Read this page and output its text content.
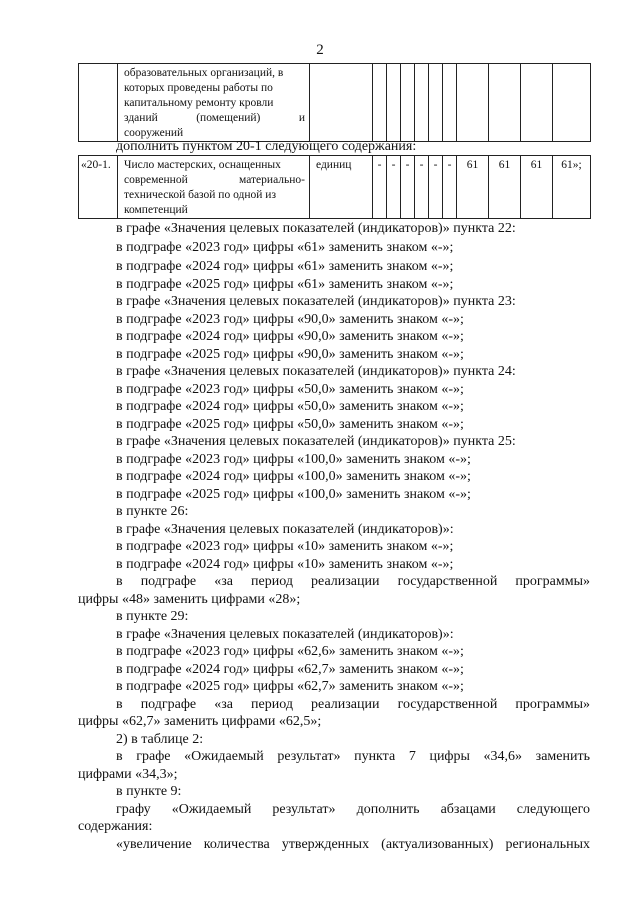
2

образовательных организаций, в
которых проведены работы по
капитальному ремонту кровли
зданий (помещений) и
сооружений

дополнить пунктом 20-1 следующего содержания:
«20-1.	Число мастерских, оснащенных
современной материально-
технической базой по одной из
компетенций
	единиц	-	-	-	-	-	-	61	61	61	61»;
в графе «Значения целевых показателей (индикаторов)» пункта 22:
в подграфе «2023 год» цифры «61» заменить знаком «-»;
в подграфе «2024 год» цифры «61» заменить знаком «-»;
в подграфе «2025 год» цифры «61» заменить знаком «-»;
в графе «Значения целевых показателей (индикаторов)» пункта 23:
в подграфе «2023 год» цифры «90,0» заменить знаком «-»;
в подграфе «2024 год» цифры «90,0» заменить знаком «-»;
в подграфе «2025 год» цифры «90,0» заменить знаком «-»;
в графе «Значения целевых показателей (индикаторов)» пункта 24:
в подграфе «2023 год» цифры «50,0» заменить знаком «-»;
в подграфе «2024 год» цифры «50,0» заменить знаком «-»;
в подграфе «2025 год» цифры «50,0» заменить знаком «-»;
в графе «Значения целевых показателей (индикаторов)» пункта 25:
в подграфе «2023 год» цифры «100,0» заменить знаком «-»;
в подграфе «2024 год» цифры «100,0» заменить знаком «-»;
в подграфе «2025 год» цифры «100,0» заменить знаком «-»;
в пункте 26:
в графе «Значения целевых показателей (индикаторов)»:
в подграфе «2023 год» цифры «10» заменить знаком «-»;
в подграфе «2024 год» цифры «10» заменить знаком «-»;
в подграфе «за период реализации государственной программы»
цифры «48» заменить цифрами «28»;
в пункте 29:
в графе «Значения целевых показателей (индикаторов)»:
в подграфе «2023 год» цифры «62,6» заменить знаком «-»;
в подграфе «2024 год» цифры «62,7» заменить знаком «-»;
в подграфе «2025 год» цифры «62,7» заменить знаком «-»;
в подграфе «за период реализации государственной программы»
цифры «62,7» заменить цифрами «62,5»;
2) в таблице 2:
в графе «Ожидаемый результат» пункта 7 цифры «34,6» заменить
цифрами «34,3»;
в пункте 9:
графу «Ожидаемый результат» дополнить абзацами следующего
содержания:
«увеличение количества утвержденных (актуализованных) региональных
